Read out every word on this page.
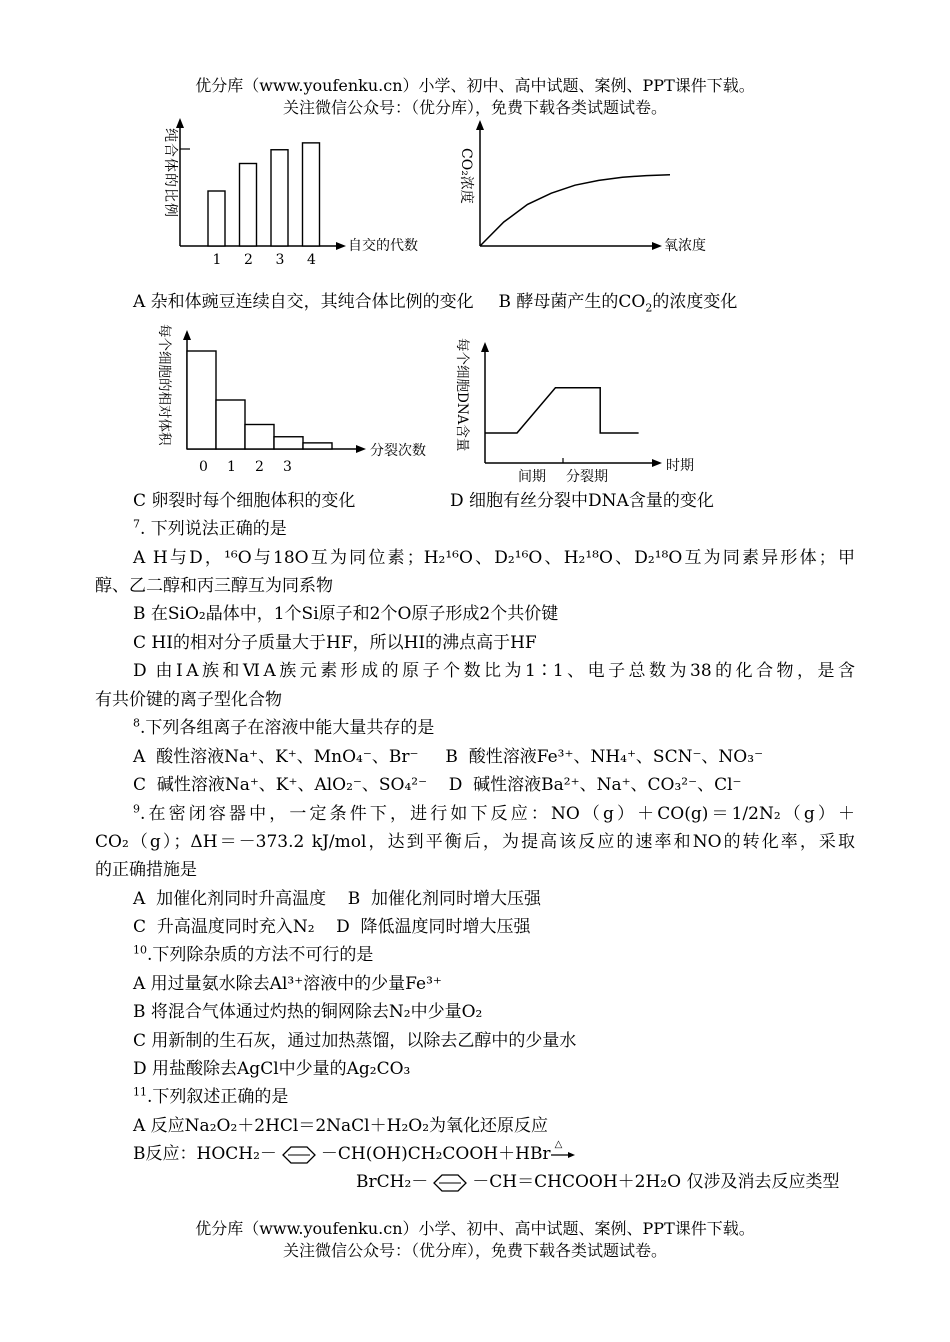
优分库（www.youfenku.cn）小学、初中、高中试题、案例、PPT课件下载。
关注微信公众号：（优分库），免费下载各类试题试卷。
1 2 3 4
自交的代数
纯合体的比例
氧浓度
CO₂浓度
A 杂和体豌豆连续自交，其纯合体比例的变化 B 酵母菌产生的$CO_2$的浓度变化
0 1 2 3
分裂次数
每个细胞的相对体积
间期 分裂期
时期
每个细胞DNA含量
C 卵裂时每个细胞体积的变化	D 细胞有丝分裂中DNA含量的变化
$^7$. 下列说法正确的是
A H与D，¹⁶O与18O互为同位素；H₂¹⁶O、D₂¹⁶O、H₂¹⁸O、D₂¹⁸O互为同素异形体；甲
醇、乙二醇和丙三醇互为同系物
B 在SiO₂晶体中，1个Si原子和2个O原子形成2个共价键
C HI的相对分子质量大于HF，所以HI的沸点高于HF
D 由ⅠA族和ⅥA族元素形成的原子个数比为1∶1、电子总数为38的化合物，是含
有共价键的离子型化合物
$^8$.下列各组离子在溶液中能大量共存的是
A  酸性溶液Na⁺、K⁺、MnO₄⁻、Br⁻     B  酸性溶液Fe³⁺、NH₄⁺、SCN⁻、NO₃⁻
C  碱性溶液Na⁺、K⁺、AlO₂⁻、SO₄²⁻    D  碱性溶液Ba²⁺、Na⁺、CO₃²⁻、Cl⁻
$^9$.在密闭容器中，一定条件下，进行如下反应：NO（g）＋CO(g)＝1/2N₂（g）＋
CO₂（g）；ΔH＝－373.2 kJ/mol，达到平衡后，为提高该反应的速率和NO的转化率，采取
的正确措施是
A  加催化剂同时升高温度    B  加催化剂同时增大压强
C  升高温度同时充入N₂    D  降低温度同时增大压强
$^{10}$.下列除杂质的方法不可行的是
A 用过量氨水除去Al³⁺溶液中的少量Fe³⁺
B 将混合气体通过灼热的铜网除去N₂中少量O₂
C 用新制的生石灰，通过加热蒸馏，以除去乙醇中的少量水
D 用盐酸除去AgCl中少量的Ag₂CO₃
$^{11}$.下列叙述正确的是
A 反应Na₂O₂＋2HCl＝2NaCl＋H₂O₂为氧化还原反应
B反应：HOCH₂－	－CH(OH)CH₂COOH＋HBr △
BrCH₂－	－CH＝CHCOOH＋2H₂O 仅涉及消去反应类型
优分库（www.youfenku.cn）小学、初中、高中试题、案例、PPT课件下载。
关注微信公众号：（优分库），免费下载各类试题试卷。
